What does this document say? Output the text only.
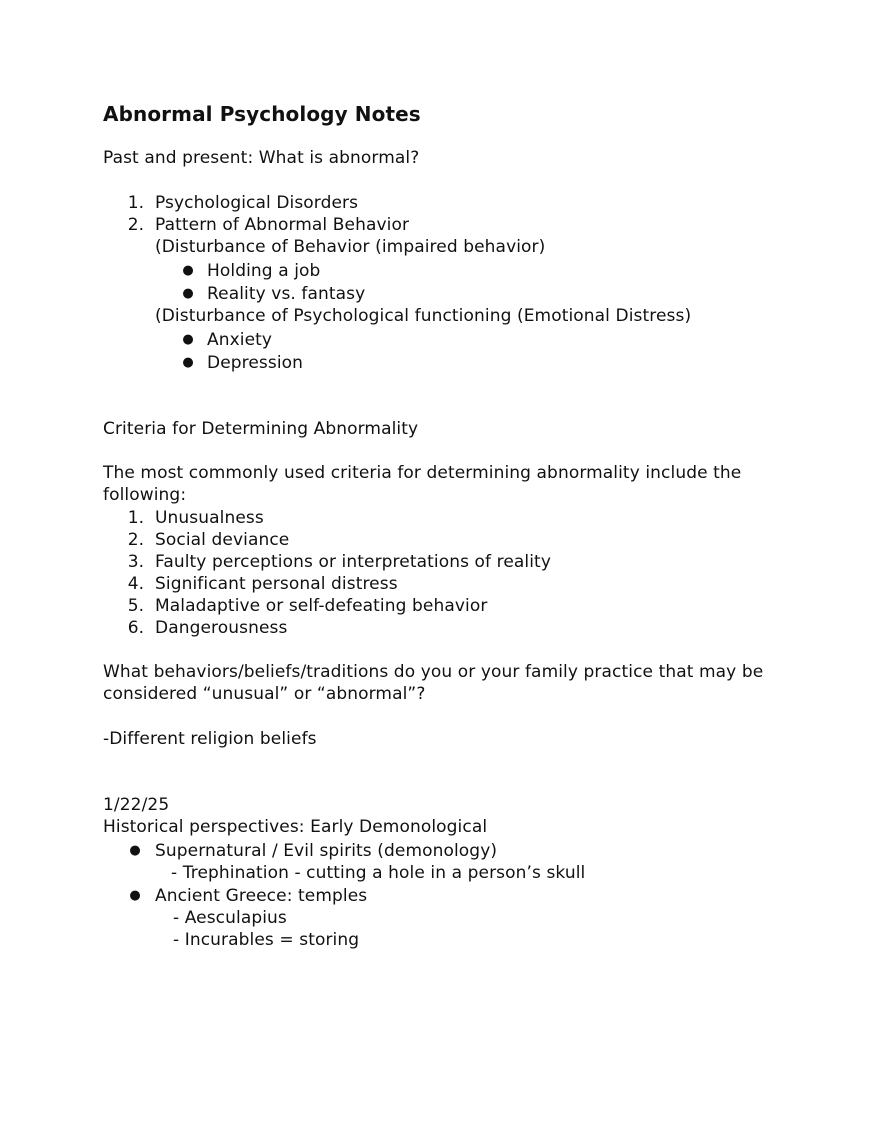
Abnormal Psychology Notes
Past and present: What is abnormal?
1. Psychological Disorders
2. Pattern of Abnormal Behavior
(Disturbance of Behavior (impaired behavior)
● Holding a job
● Reality vs. fantasy
(Disturbance of Psychological functioning (Emotional Distress)
● Anxiety
● Depression
Criteria for Determining Abnormality
The most commonly used criteria for determining abnormality include the following:
1. Unusualness
2. Social deviance
3. Faulty perceptions or interpretations of reality
4. Significant personal distress
5. Maladaptive or self-defeating behavior
6. Dangerousness
What behaviors/beliefs/traditions do you or your family practice that may be considered “unusual” or “abnormal”?
-Different religion beliefs
1/22/25
Historical perspectives: Early Demonological
● Supernatural / Evil spirits (demonology)
- Trephination - cutting a hole in a person’s skull
● Ancient Greece: temples
- Aesculapius
- Incurables = storing
